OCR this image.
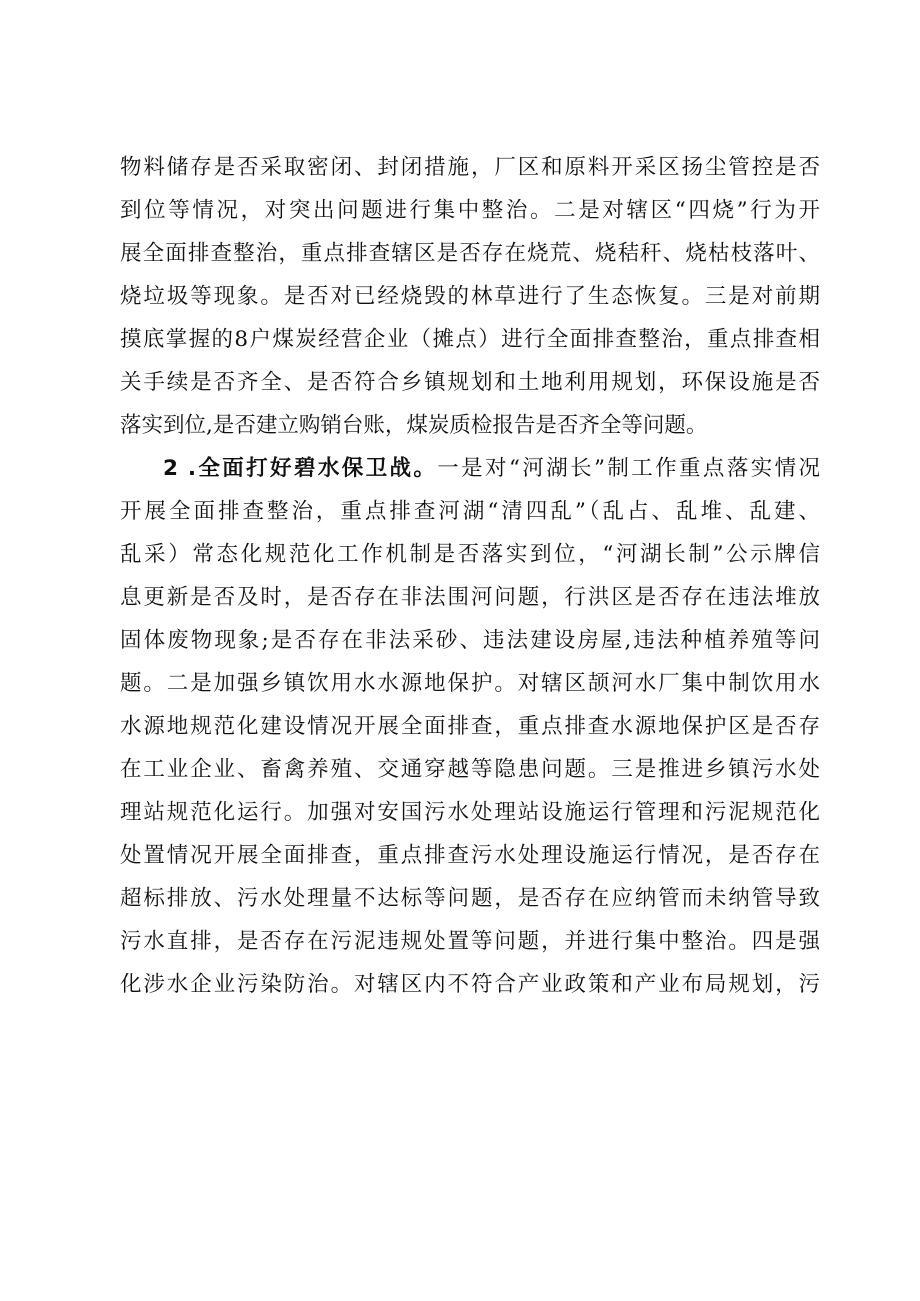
物料储存是否采取密闭、封闭措施，厂区和原料开采区扬尘管控是否
到位等情况，对突出问题进行集中整治。二是对辖区“四烧”行为开
展全面排查整治，重点排查辖区是否存在烧荒、烧秸秆、烧枯枝落叶、
烧垃圾等现象。是否对已经烧毁的林草进行了生态恢复。三是对前期
摸底掌握的8户煤炭经营企业（摊点）进行全面排查整治，重点排查相
关手续是否齐全、是否符合乡镇规划和土地利用规划，环保设施是否
落实到位,是否建立购销台账，煤炭质检报告是否齐全等问题。
2 .全面打好碧水保卫战。一是对“河湖长”制工作重点落实情况
开展全面排查整治，重点排查河湖“清四乱”（乱占、乱堆、乱建、
乱采）常态化规范化工作机制是否落实到位，“河湖长制”公示牌信
息更新是否及时，是否存在非法围河问题，行洪区是否存在违法堆放
固体废物现象;是否存在非法采砂、违法建设房屋,违法种植养殖等问
题。二是加强乡镇饮用水水源地保护。对辖区颉河水厂集中制饮用水
水源地规范化建设情况开展全面排查，重点排查水源地保护区是否存
在工业企业、畜禽养殖、交通穿越等隐患问题。三是推进乡镇污水处
理站规范化运行。加强对安国污水处理站设施运行管理和污泥规范化
处置情况开展全面排查，重点排查污水处理设施运行情况，是否存在
超标排放、污水处理量不达标等问题，是否存在应纳管而未纳管导致
污水直排，是否存在污泥违规处置等问题，并进行集中整治。四是强
化涉水企业污染防治。对辖区内不符合产业政策和产业布局规划，污
